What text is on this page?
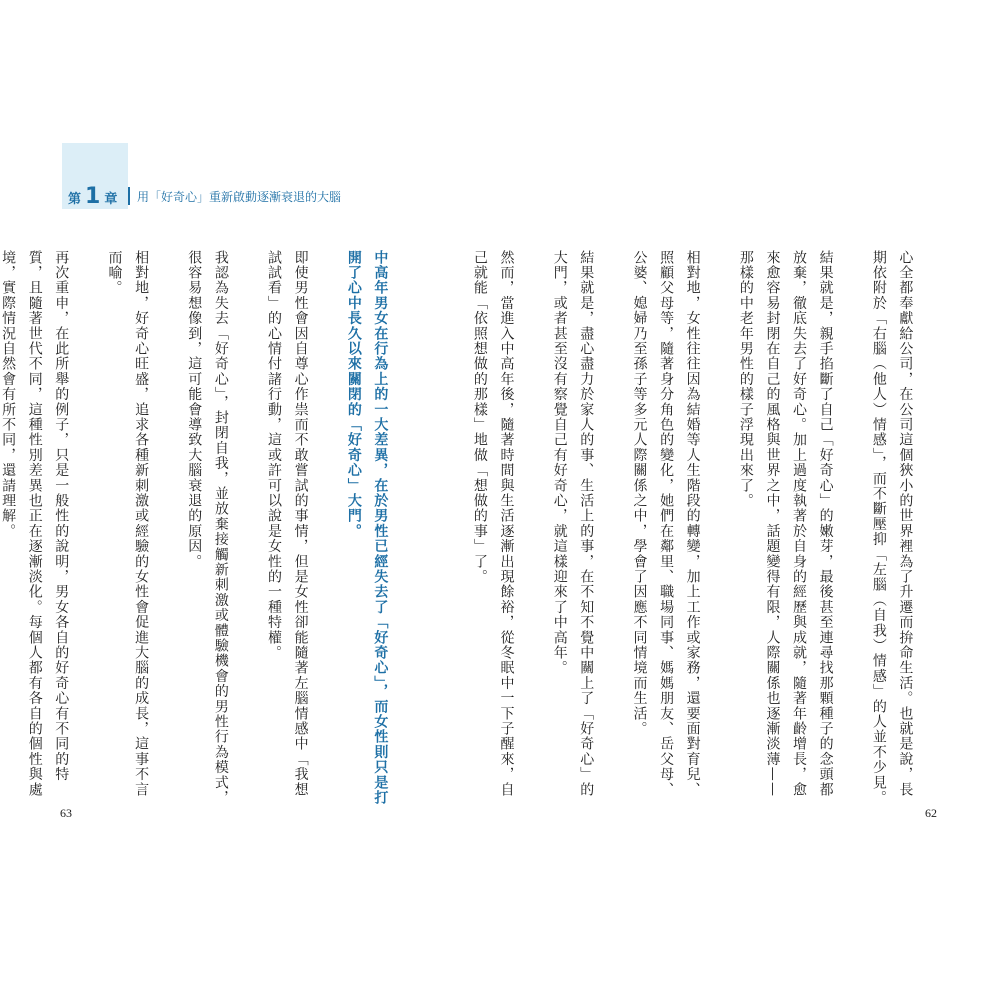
第 1 章 用「好奇心」重新啟動逐漸衰退的大腦

心全都奉獻給公司，在公司這個狹小的世界裡為了升遷而拚命生活。也就是說，長期依附於「右腦（他人）情感」，而不斷壓抑「左腦（自我）情感」的人並不少見。

結果就是，親手掐斷了自己「好奇心」的嫩芽，最後甚至連尋找那顆種子的念頭都放棄，徹底失去了好奇心。加上過度執著於自身的經歷與成就，隨著年齡增長，愈來愈容易封閉在自己的風格與世界之中，話題變得有限，人際關係也逐漸淡薄——那樣的中老年男性的樣子浮現出來了。

相對地，女性往往因為結婚等人生階段的轉變，加上工作或家務，還要面對育兒、照顧父母等，隨著身分角色的變化，她們在鄰里、職場同事、媽媽朋友、岳父母、公婆、媳婦乃至孫子等多元人際關係之中，學會了因應不同情境而生活。

結果就是，盡心盡力於家人的事、生活上的事，在不知不覺中關上了「好奇心」的大門，或者甚至沒有察覺自己有好奇心，就這樣迎來了中高年。

然而，當進入中高年後，隨著時間與生活逐漸出現餘裕，從冬眠中一下子醒來，自己就能「依照想做的那樣」地做「想做的事」了。

中高年男女在行為上的一大差異，在於男性已經失去了「好奇心」，而女性則只是打開了心中長久以來關閉的「好奇心」大門。

即使男性會因自尊心作祟而不敢嘗試的事情，但是女性卻能隨著左腦情感中「我想試試看」的心情付諸行動，這或許可以說是女性的一種特權。

我認為失去「好奇心」，封閉自我，並放棄接觸新刺激或體驗機會的男性行為模式，很容易想像到，這可能會導致大腦衰退的原因。

相對地，好奇心旺盛，追求各種新刺激或經驗的女性會促進大腦的成長，這事不言而喻。

再次重申，在此所舉的例子，只是一般性的說明，男女各自的好奇心有不同的特質，且隨著世代不同，這種性別差異也正在逐漸淡化。每個人都有各自的個性與處境，實際情況自然會有所不同，還請理解。

63	62
